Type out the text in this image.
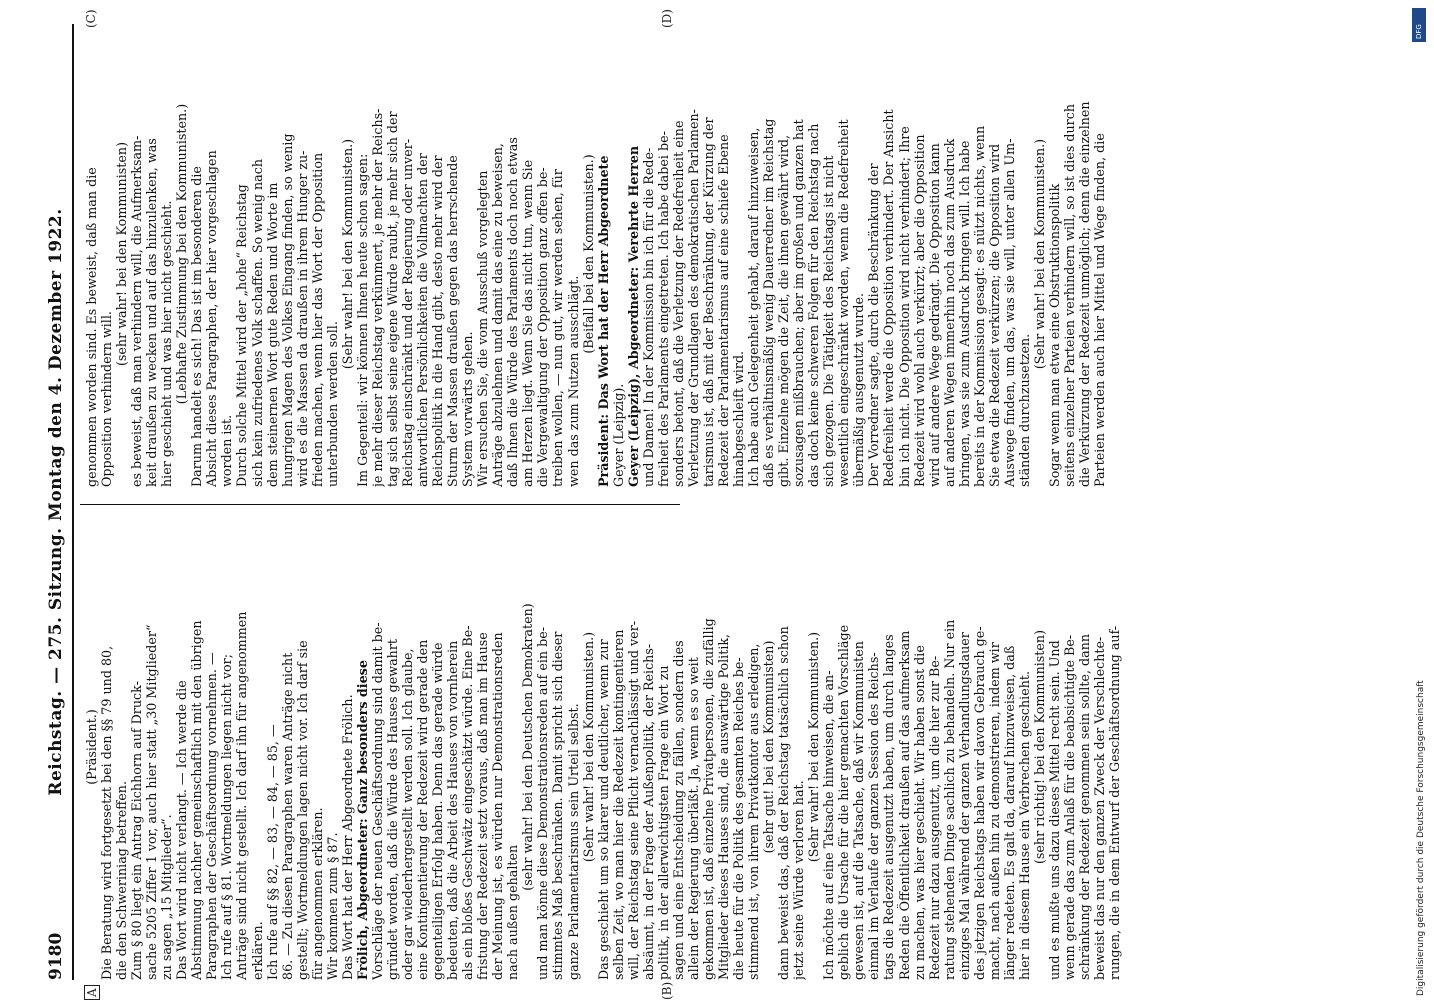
9180
Reichstag. — 275. Sitzung. Montag den 4. Dezember 1922. (Präsident.) Die Beratung wird fortgesetzt bei den §§ 79 und 80, die den Schweriniag betreffen. Zum § 80 liegt ein Antrag Eichhorn auf Druck- sache 5205 Ziffer 1 vor, auch hier statt „30 Mitglieder“ zu sagen „15 Mitglieder“. Das Wort wird nicht verlangt. — Ich werde die Abstimmung nachher gemeinschaftlich mit den übrigen Paragraphen der Geschäftsordnung vornehmen. — Ich rufe auf § 81. Wortmeldungen liegen nicht vor; Anträge sind nicht gestellt. Ich darf ihn für angenommen erklären. Ich rufe auf §§ 82, — 83, — 84, — 85, — 86. — Zu diesen Paragraphen waren Anträge nicht gestellt; Wortmeldungen lagen nicht vor. Ich darf sie für angenommen erklären. Wir kommen zum § 87. Das Wort hat der Herr Abgeordnete Frölich. Frölich, Abgeordneter: Ganz besonders diese Vorschläge der neuen Geschäftsordnung sind damit be- gründet worden, daß die Würde des Hauses gewahrt oder gar wiederhergestellt werden soll. Ich glaube, eine Kontingentierung der Redezeit wird gerade den gegenteiligen Erfolg haben. Denn das gerade würde bedeuten, daß die Arbeit des Hauses von vornherein als ein bloßes Geschwätz eingeschätzt würde. Eine Be- fristung der Redezeit setzt voraus, daß man im Hause der Meinung ist, es würden nur Demonstrationsreden nach außen gehalten
(sehr wahr! bei den Deutschen Demokraten) und man könne diese Demonstrationsreden auf ein be- stimmtes Maß beschränken. Damit spricht sich dieser ganze Parlamentarismus sein Urteil selbst. (Sehr wahr! bei den Kommunisten.) Das geschieht um so klarer und deutlicher, wenn zur selben Zeit, wo man hier die Redezeit kontingentieren will, der Reichstag seine Pflicht vernachlässigt und ver- absäumt, in der Frage der Außenpolitik, der Reichs- politik, in der allerwichtigsten Frage ein Wort zu sagen und eine Entscheidung zu fällen, sondern dies allein der Regierung überläßt. Ja, wenn es so weit gekommen ist, daß einzelne Privatpersonen, die zufällig Mitglieder dieses Hauses sind, die auswärtige Politik, die heute für die Politik des gesamten Reiches be- stimmend ist, von ihrem Privatkontor aus erledigen, (sehr gut! bei den Kommunisten) dann beweist das, daß der Reichstag tatsächlich schon jetzt seine Würde verloren hat.
(Sehr wahr! bei den Kommunisten.) Ich möchte auf eine Tatsache hinweisen, die an- geblich die Ursache für die hier gemachten Vorschläge gewesen ist, auf die Tatsache, daß wir Kommunisten einmal im Verlaufe der ganzen Session des Reichs- tags die Redezeit ausgenutzt haben, um durch langes Reden die Öffentlichkeit draußen auf das aufmerksam zu machen, was hier geschieht. Wir haben sonst die Redezeit nur dazu ausgenutzt, um die hier zur Be- ratung stehenden Dinge sachlich zu behandeln. Nur ein einziges Mal während der ganzen Verhandlungsdauer des jetzigen Reichstags haben wir davon Gebrauch ge- macht, nach außen hin zu demonstrieren, indem wir länger redeten. Es galt da, darauf hinzuweisen, daß hier in diesem Hause ein Verbrechen geschieht. (sehr richtig! bei den Kommunisten) und es mußte uns dazu dieses Mittel recht sein. Und wenn gerade das zum Anlaß für die beabsichtigte Be- schränkung der Redezeit genommen sein sollte, dann beweist das nur den ganzen Zweck der Verschlechte- rungen, die in dem Entwurf der Geschäftsordnung auf-
genommen worden sind. Es beweist, daß man die Opposition verhindern will.
(sehr wahr! bei den Kommunisten) es beweist, daß man verhindern will, die Aufmerksam- keit draußen zu wecken und auf das hinzulenken, was hier geschieht und was hier nicht geschieht. (Lebhafte Zustimmung bei den Kommunisten.) Darum handelt es sich! Das ist im besonderen die Absicht dieses Paragraphen, der hier vorgeschlagen worden ist. Durch solche Mittel wird der „hohe“ Reichstag sich kein zufriedenes Volk schaffen. So wenig nach dem steinernen Wort gute Reden und Worte im hungrigen Magen des Volkes Eingang finden, so wenig wird es die Massen da draußen in ihrem Hunger zu- frieden machen, wenn hier das Wort der Opposition unterbunden werden soll.
(Sehr wahr! bei den Kommunisten.) Im Gegenteil: wir können Ihnen heute schon sagen: je mehr dieser Reichstag verkümmert, je mehr der Reichs- tag sich selbst seine eigene Würde raubt, je mehr sich der Reichstag einschränkt und der Regierung oder unver- antwortlichen Persönlichkeiten die Vollmachten der Reichspolitik in die Hand gibt, desto mehr wird der Sturm der Massen draußen gegen das herrschende System vorwärts gehen. Wir ersuchen Sie, die vom Ausschuß vorgelegten Anträge abzulehnen und damit das eine zu beweisen, daß Ihnen die Würde des Parlaments doch noch etwas am Herzen liegt. Wenn Sie das nicht tun, wenn Sie die Vergewaltigung der Opposition ganz offen be- treiben wollen, — nun gut, wir werden sehen, für wen das zum Nutzen ausschlägt.
(Beifall bei den Kommunisten.) Präsident: Das Wort hat der Herr Abgeordnete Geyer (Leipzig). Geyer (Leipzig), Abgeordneter: Verehrte Herren und Damen! In der Kommission bin ich für die Rede- freiheit des Parlaments eingetreten. Ich habe dabei be- sonders betont, daß die Verletzung der Redefreiheit eine Verletzung der Grundlagen des demokratischen Parlamen- tarismus ist, daß mit der Beschränkung, der Kürzung der Redezeit der Parlamentarismus auf eine schiefe Ebene hinabgeschleift wird. Ich habe auch Gelegenheit gehabt, darauf hinzuweisen, daß es verhältnismäßig wenig Dauerredner im Reichstag gibt. Einzelne mögen die Zeit, die ihnen gewährt wird, sozusagen mißbrauchen; aber im großen und ganzen hat das doch keine schweren Folgen für den Reichstag nach sich gezogen. Die Tätigkeit des Reichstags ist nicht wesentlich eingeschränkt worden, wenn die Redefreiheit übermäßig ausgenutzt wurde. Der Vorredner sagte, durch die Beschränkung der Redefreiheit werde die Opposition verhindert. Der Ansicht bin ich nicht. Die Opposition wird nicht verhindert; Ihre Redezeit wird wohl auch verkürzt; aber die Opposition wird auf andere Wege gedrängt. Die Opposition kann auf anderen Wegen immerhin noch das zum Ausdruck bringen, was sie zum Ausdruck bringen will. Ich habe bereits in der Kommission gesagt: es nützt nichts, wenn Sie etwa die Redezeit verkürzen; die Opposition wird Auswege finden, um das, was sie will, unter allen Um- ständen durchzusetzen.
(Sehr wahr! bei den Kommunisten.) Sogar wenn man etwa eine Obstruktionspolitik seitens einzelner Parteien verhindern will, so ist dies durch die Verkürzung der Redezeit unmöglich; denn die einzelnen Parteien werden auch hier Mittel und Wege finden, die
A	(B)
(C)	(D)
Digitalisierung gefördert durch die Deutsche Forschungsgemeinschaft
DFG
